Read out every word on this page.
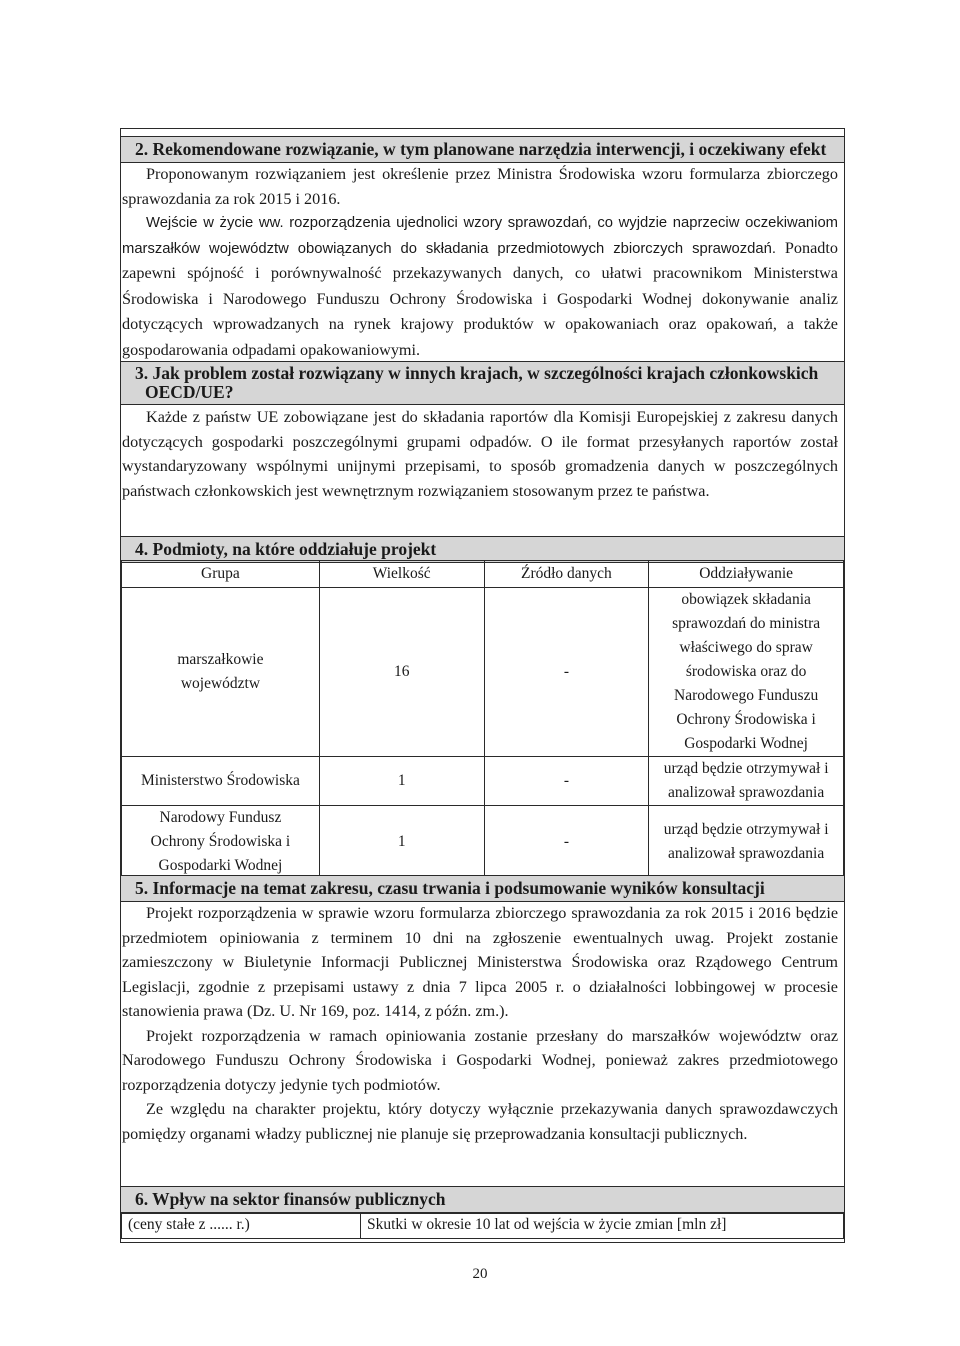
2. Rekomendowane rozwiązanie, w tym planowane narzędzia interwencji, i oczekiwany efekt

Proponowanym rozwiązaniem jest określenie przez Ministra Środowiska wzoru formularza zbiorczego sprawozdania za rok 2015 i 2016.

Wejście w życie ww. rozporządzenia ujednolici wzory sprawozdań, co wyjdzie naprzeciw oczekiwaniom marszałków województw obowiązanych do składania przedmiotowych zbiorczych sprawozdań. Ponadto zapewni spójność i porównywalność przekazywanych danych, co ułatwi pracownikom Ministerstwa Środowiska i Narodowego Funduszu Ochrony Środowiska i Gospodarki Wodnej dokonywanie analiz dotyczących wprowadzanych na rynek krajowy produktów w opakowaniach oraz opakowań, a także gospodarowania odpadami opakowaniowymi.

3. Jak problem został rozwiązany w innych krajach, w szczególności krajach członkowskich
OECD/UE?

Każde z państw UE zobowiązane jest do składania raportów dla Komisji Europejskiej z zakresu danych dotyczących gospodarki poszczególnymi grupami odpadów. O ile format przesyłanych raportów został wystandaryzowany wspólnymi unijnymi przepisami, to sposób gromadzenia danych w poszczególnych państwach członkowskich jest wewnętrznym rozwiązaniem stosowanym przez te państwa.

4. Podmioty, na które oddziałuje projekt
Grupa	Wielkość	Źródło danych	Oddziaływanie
marszałkowie województw	16	-	obowiązek składania sprawozdań do ministra właściwego do spraw środowiska oraz do Narodowego Funduszu Ochrony Środowiska i Gospodarki Wodnej
Ministerstwo Środowiska	1	-	urząd będzie otrzymywał i analizował sprawozdania
Narodowy Fundusz Ochrony Środowiska i Gospodarki Wodnej	1	-	urząd będzie otrzymywał i analizował sprawozdania
5. Informacje na temat zakresu, czasu trwania i podsumowanie wyników konsultacji

Projekt rozporządzenia w sprawie wzoru formularza zbiorczego sprawozdania za rok 2015 i 2016 będzie przedmiotem opiniowania z terminem 10 dni na zgłoszenie ewentualnych uwag. Projekt zostanie zamieszczony w Biuletynie Informacji Publicznej Ministerstwa Środowiska oraz Rządowego Centrum Legislacji, zgodnie z przepisami ustawy z dnia 7 lipca 2005 r. o działalności lobbingowej w procesie stanowienia prawa (Dz. U. Nr 169, poz. 1414, z późn. zm.).

Projekt rozporządzenia w ramach opiniowania zostanie przesłany do marszałków województw oraz Narodowego Funduszu Ochrony Środowiska i Gospodarki Wodnej, ponieważ zakres przedmiotowego rozporządzenia dotyczy jedynie tych podmiotów.

Ze względu na charakter projektu, który dotyczy wyłącznie przekazywania danych sprawozdawczych pomiędzy organami władzy publicznej nie planuje się przeprowadzania konsultacji publicznych.

6. Wpływ na sektor finansów publicznych
(ceny stałe z ...... r.)	Skutki w okresie 10 lat od wejścia w życie zmian [mln zł]
20
